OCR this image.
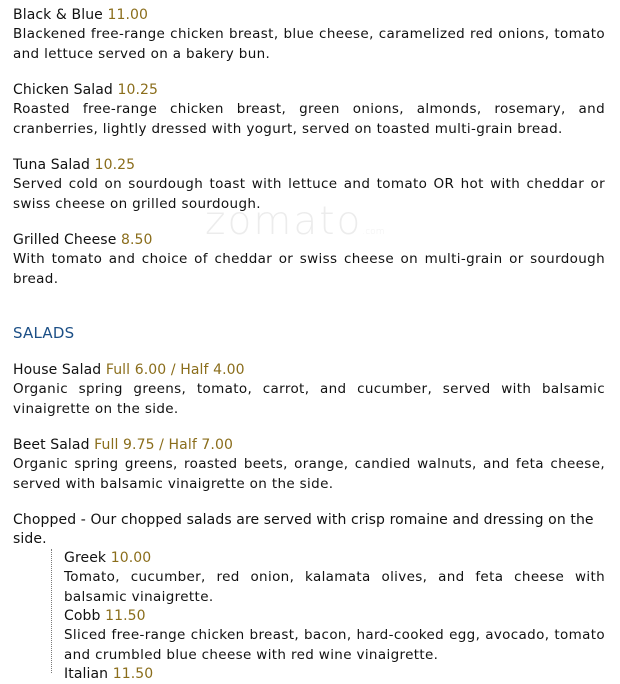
Black & Blue 11.00
Blackened free-range chicken breast, blue cheese, caramelized red onions, tomato and lettuce served on a bakery bun.
Chicken Salad 10.25
Roasted free-range chicken breast, green onions, almonds, rosemary, and cranberries, lightly dressed with yogurt, served on toasted multi-grain bread.
Tuna Salad 10.25
Served cold on sourdough toast with lettuce and tomato OR hot with cheddar or swiss cheese on grilled sourdough.
Grilled Cheese 8.50
With tomato and choice of cheddar or swiss cheese on multi-grain or sourdough bread.
SALADS
House Salad Full 6.00 / Half 4.00
Organic spring greens, tomato, carrot, and cucumber, served with balsamic vinaigrette on the side.
Beet Salad Full 9.75 / Half 7.00
Organic spring greens, roasted beets, orange, candied walnuts, and feta cheese, served with balsamic vinaigrette on the side.
Chopped - Our chopped salads are served with crisp romaine and dressing on the side.
Greek 10.00
Tomato, cucumber, red onion, kalamata olives, and feta cheese with balsamic vinaigrette.
Cobb 11.50
Sliced free-range chicken breast, bacon, hard-cooked egg, avocado, tomato and crumbled blue cheese with red wine vinaigrette.
Italian 11.50
zomato.com
